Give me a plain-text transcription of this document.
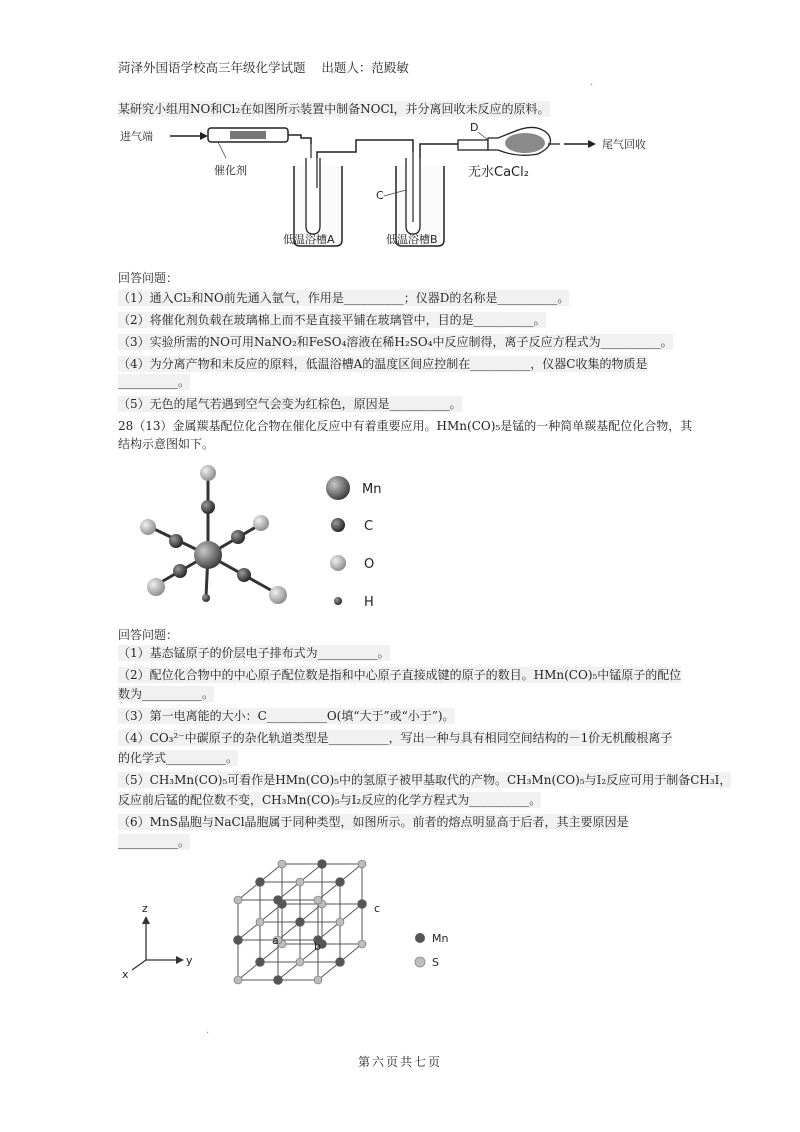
菏泽外国语学校高三年级化学试题 出题人：范殿敏
·
某研究小组用NO和Cl₂在如图所示装置中制备NOCl，并分离回收未反应的原料。
进气端
催化剂
低温浴槽A
C
低温浴槽B
D
无水CaCl₂
尾气回收
回答问题：
（1）通入Cl₂和NO前先通入氩气，作用是__________；仪器D的名称是__________。
（2）将催化剂负载在玻璃棉上而不是直接平铺在玻璃管中，目的是__________。
（3）实验所需的NO可用NaNO₂和FeSO₄溶液在稀H₂SO₄中反应制得，离子反应方程式为__________。
（4）为分离产物和未反应的原料，低温浴槽A的温度区间应控制在__________，仪器C收集的物质是
__________。
（5）无色的尾气若遇到空气会变为红棕色，原因是__________。
28（13）金属羰基配位化合物在催化反应中有着重要应用。HMn(CO)₅是锰的一种简单羰基配位化合物，其
结构示意图如下。
Mn
C
O
H
回答问题：
（1）基态锰原子的价层电子排布式为__________。
（2）配位化合物中的中心原子配位数是指和中心原子直接成键的原子的数目。HMn(CO)₅中锰原子的配位
数为__________。
（3）第一电离能的大小：C__________O(填“大于”或“小于”)。
（4）CO₃²⁻中碳原子的杂化轨道类型是__________，写出一种与具有相同空间结构的－1价无机酸根离子
的化学式__________。
（5）CH₃Mn(CO)₅可看作是HMn(CO)₅中的氢原子被甲基取代的产物。CH₃Mn(CO)₅与I₂反应可用于制备CH₃I，
反应前后锰的配位数不变，CH₃Mn(CO)₅与I₂反应的化学方程式为__________。
（6）MnS晶胞与NaCl晶胞属于同种类型，如图所示。前者的熔点明显高于后者，其主要原因是
__________。
z
y
x
a	b
c
Mn
S
·
第六页共七页
